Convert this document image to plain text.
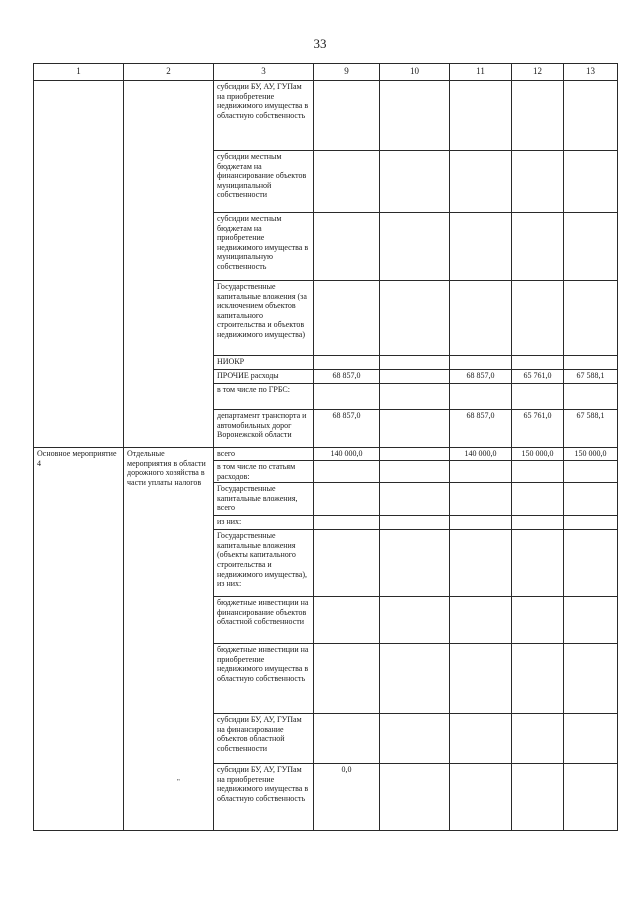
33
1	2	3	9	10	11	12	13
		субсидии БУ, АУ, ГУПам на приобретение недвижимого имущества в областную собственность					
		субсидии местным бюджетам на финансирование объектов муниципальной собственности					
		субсидии местным бюджетам на приобретение недвижимого имущества в муниципальную собственность					
		Государственные капитальные вложения (за исключением объектов капитального строительства и объектов недвижимого имущества)					
		НИОКР					
		ПРОЧИЕ расходы	68 857,0		68 857,0	65 761,0	67 588,1
		в том числе по ГРБС:					
		департамент транспорта и автомобильных дорог Воронежской области	68 857,0		68 857,0	65 761,0	67 588,1
Основное мероприятие 4	Отдельные мероприятия в области дорожного хозяйства в части уплаты налогов	всего	140 000,0		140 000,0	150 000,0	150 000,0
		в том числе по статьям расходов:					
		Государственные капитальные вложения, всего					
		из них:					
		Государственные капитальные вложения (объекты капитального строительства и недвижимого имущества), из них:					
		бюджетные инвестиции на финансирование объектов областной собственности					
		бюджетные инвестиции на приобретение недвижимого имущества в областную собственность					
		субсидии БУ, АУ, ГУПам на финансирование объектов областной собственности					
		субсидии БУ, АУ, ГУПам на приобретение недвижимого имущества в областную собственность	0,0				
"
